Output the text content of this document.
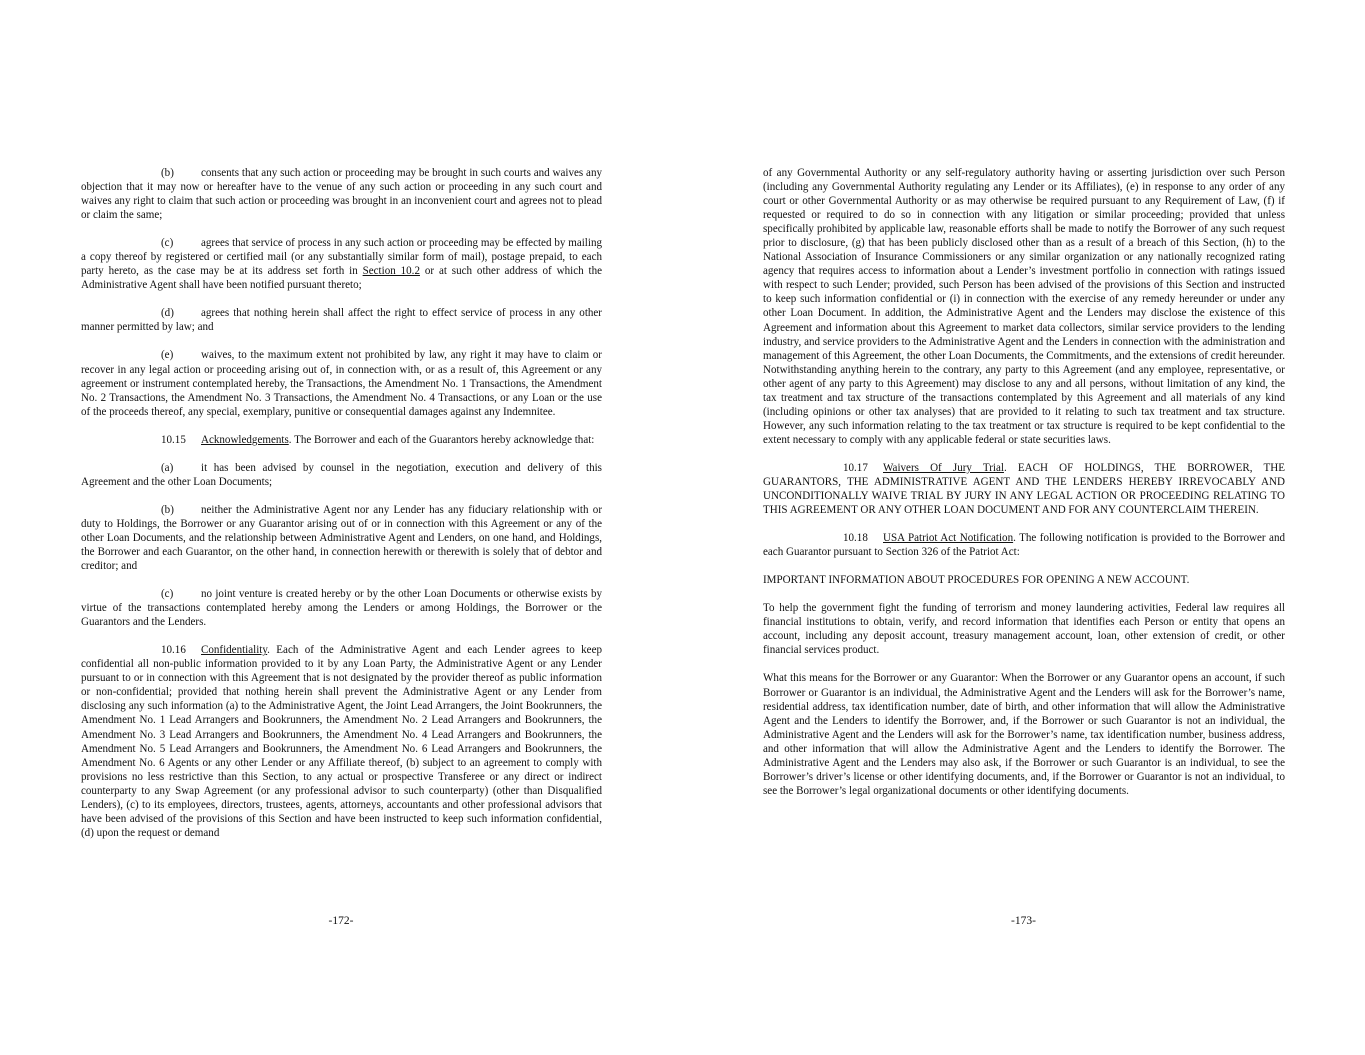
(b) consents that any such action or proceeding may be brought in such courts and waives any objection that it may now or hereafter have to the venue of any such action or proceeding in any such court and waives any right to claim that such action or proceeding was brought in an inconvenient court and agrees not to plead or claim the same;

(c)	agrees that service of process in any such action or proceeding may be effected by mailing a copy thereof by registered or certified mail (or any substantially similar form of mail), postage prepaid, to each party hereto, as the case may be at its address set forth in Section 10.2 or at such other address of which the Administrative Agent shall have been notified pursuant thereto;

(d) agrees that nothing herein shall affect the right to effect service of process in any other manner permitted by law; and

(e)	waives, to the maximum extent not prohibited by law, any right it may have to claim or recover in any legal action or proceeding arising out of, in connection with, or as a result of, this Agreement or any agreement or instrument contemplated hereby, the Transactions, the Amendment No. 1 Transactions, the Amendment No. 2 Transactions, the Amendment No. 3 Transactions, the Amendment No. 4 Transactions, or any Loan or the use of the proceeds thereof, any special, exemplary, punitive or consequential damages against any Indemnitee.

10.15 Acknowledgements. The Borrower and each of the Guarantors hereby acknowledge that:

(a)	it has been advised by counsel in the negotiation, execution and delivery of this Agreement and the other Loan Documents;

(b) neither the Administrative Agent nor any Lender has any fiduciary relationship with or duty to Holdings, the Borrower or any Guarantor arising out of or in connection with this Agreement or any of the other Loan Documents, and the relationship between Administrative Agent and Lenders, on one hand, and Holdings, the Borrower and each Guarantor, on the other hand, in connection herewith or therewith is solely that of debtor and creditor; and

(c)	no joint venture is created hereby or by the other Loan Documents or otherwise exists by virtue of the transactions contemplated hereby among the Lenders or among Holdings, the Borrower or the Guarantors and the Lenders.

10.16 Confidentiality. Each of the Administrative Agent and each Lender agrees to keep confidential all non-public information provided to it by any Loan Party, the Administrative Agent or any Lender pursuant to or in connection with this Agreement that is not designated by the provider thereof as public information or non-confidential; provided that nothing herein shall prevent the Administrative Agent or any Lender from disclosing any such information (a) to the Administrative Agent, the Joint Lead Arrangers, the Joint Bookrunners, the Amendment No. 1 Lead Arrangers and Bookrunners, the Amendment No. 2 Lead Arrangers and Bookrunners, the Amendment No. 3 Lead Arrangers and Bookrunners, the Amendment No. 4 Lead Arrangers and Bookrunners, the Amendment No. 5 Lead Arrangers and Bookrunners, the Amendment No. 6 Lead Arrangers and Bookrunners, the Amendment No. 6 Agents or any other Lender or any Affiliate thereof, (b) subject to an agreement to comply with provisions no less restrictive than this Section, to any actual or prospective Transferee or any direct or indirect counterparty to any Swap Agreement (or any professional advisor to such counterparty) (other than Disqualified Lenders), (c) to its employees, directors, trustees, agents, attorneys, accountants and other professional advisors that have been advised of the provisions of this Section and have been instructed to keep such information confidential, (d) upon the request or demand

-172-

of any Governmental Authority or any self-regulatory authority having or asserting jurisdiction over such Person (including any Governmental Authority regulating any Lender or its Affiliates), (e) in response to any order of any court or other Governmental Authority or as may otherwise be required pursuant to any Requirement of Law, (f) if requested or required to do so in connection with any litigation or similar proceeding; provided that unless specifically prohibited by applicable law, reasonable efforts shall be made to notify the Borrower of any such request prior to disclosure, (g) that has been publicly disclosed other than as a result of a breach of this Section, (h) to the National Association of Insurance Commissioners or any similar organization or any nationally recognized rating agency that requires access to information about a Lender’s investment portfolio in connection with ratings issued with respect to such Lender; provided, such Person has been advised of the provisions of this Section and instructed to keep such information confidential or (i) in connection with the exercise of any remedy hereunder or under any other Loan Document. In addition, the Administrative Agent and the Lenders may disclose the existence of this Agreement and information about this Agreement to market data collectors, similar service providers to the lending industry, and service providers to the Administrative Agent and the Lenders in connection with the administration and management of this Agreement, the other Loan Documents, the Commitments, and the extensions of credit hereunder. Notwithstanding anything herein to the contrary, any party to this Agreement (and any employee, representative, or other agent of any party to this Agreement) may disclose to any and all persons, without limitation of any kind, the tax treatment and tax structure of the transactions contemplated by this Agreement and all materials of any kind (including opinions or other tax analyses) that are provided to it relating to such tax treatment and tax structure. However, any such information relating to the tax treatment or tax structure is required to be kept confidential to the extent necessary to comply with any applicable federal or state securities laws.

10.17 Waivers Of Jury Trial. EACH OF HOLDINGS, THE BORROWER, THE GUARANTORS, THE ADMINISTRATIVE AGENT AND THE LENDERS HEREBY IRREVOCABLY AND UNCONDITIONALLY WAIVE TRIAL BY JURY IN ANY LEGAL ACTION OR PROCEEDING RELATING TO THIS AGREEMENT OR ANY OTHER LOAN DOCUMENT AND FOR ANY COUNTERCLAIM THEREIN.

10.18 USA Patriot Act Notification. The following notification is provided to the Borrower and each Guarantor pursuant to Section 326 of the Patriot Act:

IMPORTANT INFORMATION ABOUT PROCEDURES FOR OPENING A NEW ACCOUNT.

To help the government fight the funding of terrorism and money laundering activities, Federal law requires all financial institutions to obtain, verify, and record information that identifies each Person or entity that opens an account, including any deposit account, treasury management account, loan, other extension of credit, or other financial services product.

What this means for the Borrower or any Guarantor: When the Borrower or any Guarantor opens an account, if such Borrower or Guarantor is an individual, the Administrative Agent and the Lenders will ask for the Borrower’s name, residential address, tax identification number, date of birth, and other information that will allow the Administrative Agent and the Lenders to identify the Borrower, and, if the Borrower or such Guarantor is not an individual, the Administrative Agent and the Lenders will ask for the Borrower’s name, tax identification number, business address, and other information that will allow the Administrative Agent and the Lenders to identify the Borrower. The Administrative Agent and the Lenders may also ask, if the Borrower or such Guarantor is an individual, to see the Borrower’s driver’s license or other identifying documents, and, if the Borrower or Guarantor is not an individual, to see the Borrower’s legal organizational documents or other identifying documents.

-173-
